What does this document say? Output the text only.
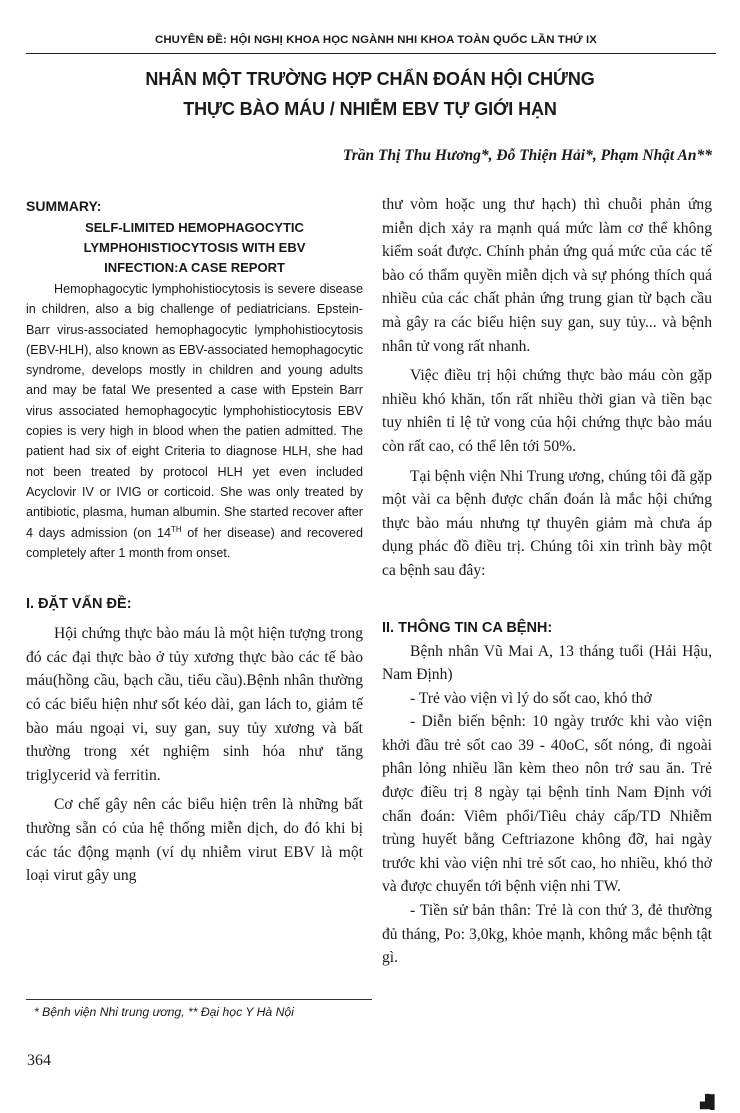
CHUYÊN ĐỀ: HỘI NGHỊ KHOA HỌC NGÀNH NHI KHOA TOÀN QUỐC LẦN THỨ IX
NHÂN MỘT TRƯỜNG HỢP CHẨN ĐOÁN HỘI CHỨNG
THỰC BÀO MÁU / NHIỄM EBV TỰ GIỚI HẠN
Trần Thị Thu Hương*, Đỗ Thiện Hải*, Phạm Nhật An**
SUMMARY:
SELF-LIMITED HEMOPHAGOCYTIC
LYMPHOHISTIOCYTOSIS WITH EBV
INFECTION:A CASE REPORT

Hemophagocytic lymphohistiocytosis is severe disease in children, also a big challenge of pediatricians. Epstein-Barr virus-associated hemophagocytic lymphohistiocytosis (EBV-HLH), also known as EBV-associated hemophagocytic syndrome, develops mostly in children and young adults and may be fatal We presented a case with Epstein Barr virus associated hemophagocytic lymphohistiocytosis EBV copies is very high in blood when the patien admitted. The patient had six of eight Criteria to diagnose HLH, she had not been treated by protocol HLH yet even included Acyclovir IV or IVIG or corticoid. She was only treated by antibiotic, plasma, human albumin. She started recover after 4 days admission (on 14TH of her disease) and recovered completely after 1 month from onset.

I. ĐẶT VẤN ĐỀ:

Hội chứng thực bào máu là một hiện tượng trong đó các đại thực bào ở tủy xương thực bào các tế bào máu(hồng cầu, bạch cầu, tiểu cầu).Bệnh nhân thường có các biểu hiện như sốt kéo dài, gan lách to, giảm tế bào máu ngoại vi, suy gan, suy tủy xương và bất thường trong xét nghiệm sinh hóa như tăng triglycerid và ferritin.

Cơ chế gây nên các biểu hiện trên là những bất thường sẵn có của hệ thống miễn dịch, do đó khi bị các tác động mạnh (ví dụ nhiễm virut EBV là một loại virut gây ung

thư vòm hoặc ung thư hạch) thì chuỗi phản ứng miễn dịch xảy ra mạnh quá mức làm cơ thể không kiểm soát được. Chính phản ứng quá mức của các tế bào có thẩm quyền miễn dịch và sự phóng thích quá nhiều của các chất phản ứng trung gian từ bạch cầu mà gây ra các biểu hiện suy gan, suy tủy... và bệnh nhân tử vong rất nhanh.

Việc điều trị hội chứng thực bào máu còn gặp nhiều khó khăn, tốn rất nhiều thời gian và tiền bạc tuy nhiên tỉ lệ tử vong của hội chứng thực bào máu còn rất cao, có thể lên tới 50%.

Tại bệnh viện Nhi Trung ương, chúng tôi đã gặp một vài ca bệnh được chẩn đoán là mắc hội chứng thực bào máu nhưng tự thuyên giảm mà chưa áp dụng phác đồ điều trị. Chúng tôi xin trình bày một ca bệnh sau đây:

II. THÔNG TIN CA BỆNH:

Bệnh nhân Vũ Mai A, 13 tháng tuổi (Hải Hậu, Nam Định)

- Trẻ vào viện vì lý do sốt cao, khó thở

- Diễn biến bệnh: 10 ngày trước khi vào viện khởi đầu trẻ sốt cao 39 - 40oC, sốt nóng, đi ngoài phân lỏng nhiều lần kèm theo nôn trớ sau ăn. Trẻ được điều trị 8 ngày tại bệnh tỉnh Nam Định với chẩn đoán: Viêm phổi/Tiêu chảy cấp/TD Nhiễm trùng huyết bằng Ceftriazone không đỡ, hai ngày trước khi vào viện nhi trẻ sốt cao, ho nhiều, khó thở và được chuyển tới bệnh viện nhi TW.

- Tiền sử bản thân: Trẻ là con thứ 3, đẻ thường đủ tháng, Po: 3,0kg, khỏe mạnh, không mắc bệnh tật gì.

* Bệnh viện Nhi trung ương, ** Đại học Y Hà Nội
364
▟▌
